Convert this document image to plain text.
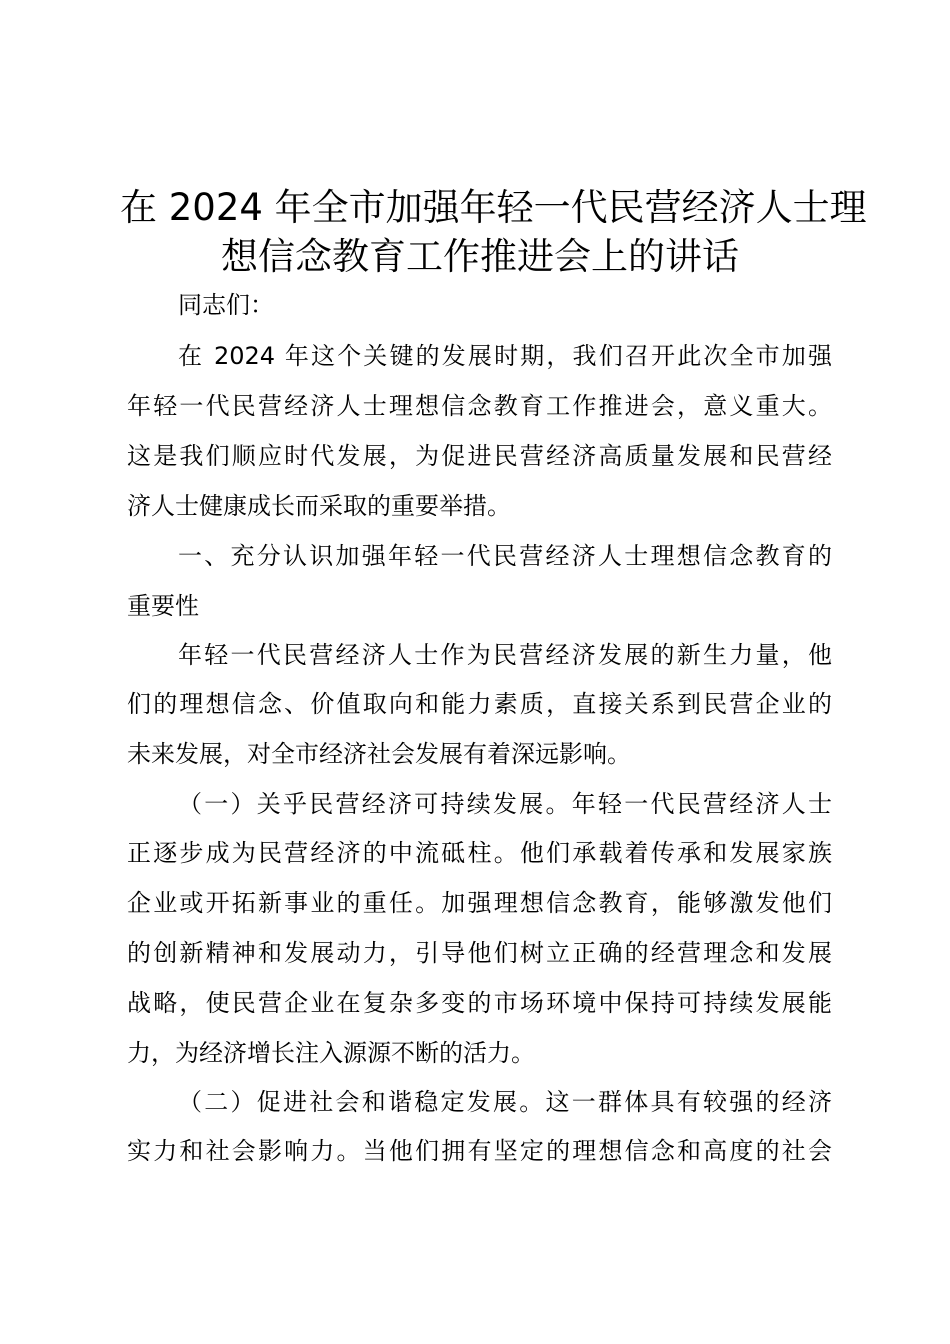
在 2024 年全市加强年轻一代民营经济人士理
想信念教育工作推进会上的讲话
同志们：
在 2024 年这个关键的发展时期，我们召开此次全市加强
年轻一代民营经济人士理想信念教育工作推进会，意义重大。
这是我们顺应时代发展，为促进民营经济高质量发展和民营经
济人士健康成长而采取的重要举措。
一、充分认识加强年轻一代民营经济人士理想信念教育的
重要性
年轻一代民营经济人士作为民营经济发展的新生力量，他
们的理想信念、价值取向和能力素质，直接关系到民营企业的
未来发展，对全市经济社会发展有着深远影响。
（一）关乎民营经济可持续发展。年轻一代民营经济人士
正逐步成为民营经济的中流砥柱。他们承载着传承和发展家族
企业或开拓新事业的重任。加强理想信念教育，能够激发他们
的创新精神和发展动力，引导他们树立正确的经营理念和发展
战略，使民营企业在复杂多变的市场环境中保持可持续发展能
力，为经济增长注入源源不断的活力。
（二）促进社会和谐稳定发展。这一群体具有较强的经济
实力和社会影响力。当他们拥有坚定的理想信念和高度的社会
